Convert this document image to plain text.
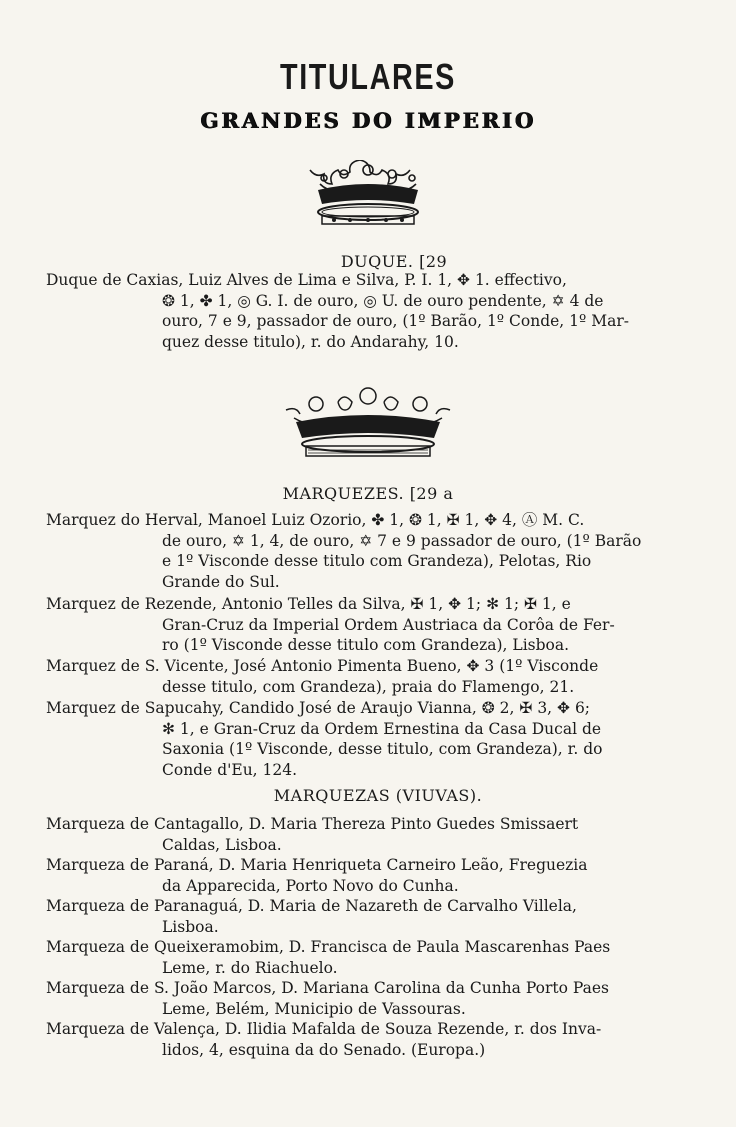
TITULARES
GRANDES DO IMPERIO
DUQUE. [29
Duque de Caxias, Luiz Alves de Lima e Silva, P. I. 1, ✥ 1. effectivo,
❂ 1, ✤ 1, ◎ G. I. de ouro, ◎ U. de ouro pendente, ✡ 4 de
ouro, 7 e 9, passador de ouro, (1º Barão, 1º Conde, 1º Mar-
quez desse titulo), r. do Andarahy, 10.
MARQUEZES. [29 a
Marquez do Herval, Manoel Luiz Ozorio, ✤ 1, ❂ 1, ✠ 1, ✥ 4, Ⓐ M. C.
de ouro, ✡ 1, 4, de ouro, ✡ 7 e 9 passador de ouro, (1º Barão
e 1º Visconde desse titulo com Grandeza), Pelotas, Rio
Grande do Sul.
Marquez de Rezende, Antonio Telles da Silva, ✠ 1, ✥ 1; ✻ 1; ✠ 1, e
Gran-Cruz da Imperial Ordem Austriaca da Corôa de Fer-
ro (1º Visconde desse titulo com Grandeza), Lisboa.
Marquez de S. Vicente, José Antonio Pimenta Bueno, ✥ 3 (1º Visconde
desse titulo, com Grandeza), praia do Flamengo, 21.
Marquez de Sapucahy, Candido José de Araujo Vianna, ❂ 2, ✠ 3, ✥ 6;
✻ 1, e Gran-Cruz da Ordem Ernestina da Casa Ducal de
Saxonia (1º Visconde, desse titulo, com Grandeza), r. do
Conde d'Eu, 124.
MARQUEZAS (VIUVAS).
Marqueza de Cantagallo, D. Maria Thereza Pinto Guedes Smissaert
Caldas, Lisboa.
Marqueza de Paraná, D. Maria Henriqueta Carneiro Leão, Freguezia
da Apparecida, Porto Novo do Cunha.
Marqueza de Paranaguá, D. Maria de Nazareth de Carvalho Villela,
Lisboa.
Marqueza de Queixeramobim, D. Francisca de Paula Mascarenhas Paes
Leme, r. do Riachuelo.
Marqueza de S. João Marcos, D. Mariana Carolina da Cunha Porto Paes
Leme, Belém, Municipio de Vassouras.
Marqueza de Valença, D. Ilidia Mafalda de Souza Rezende, r. dos Inva-
lidos, 4, esquina da do Senado. (Europa.)
